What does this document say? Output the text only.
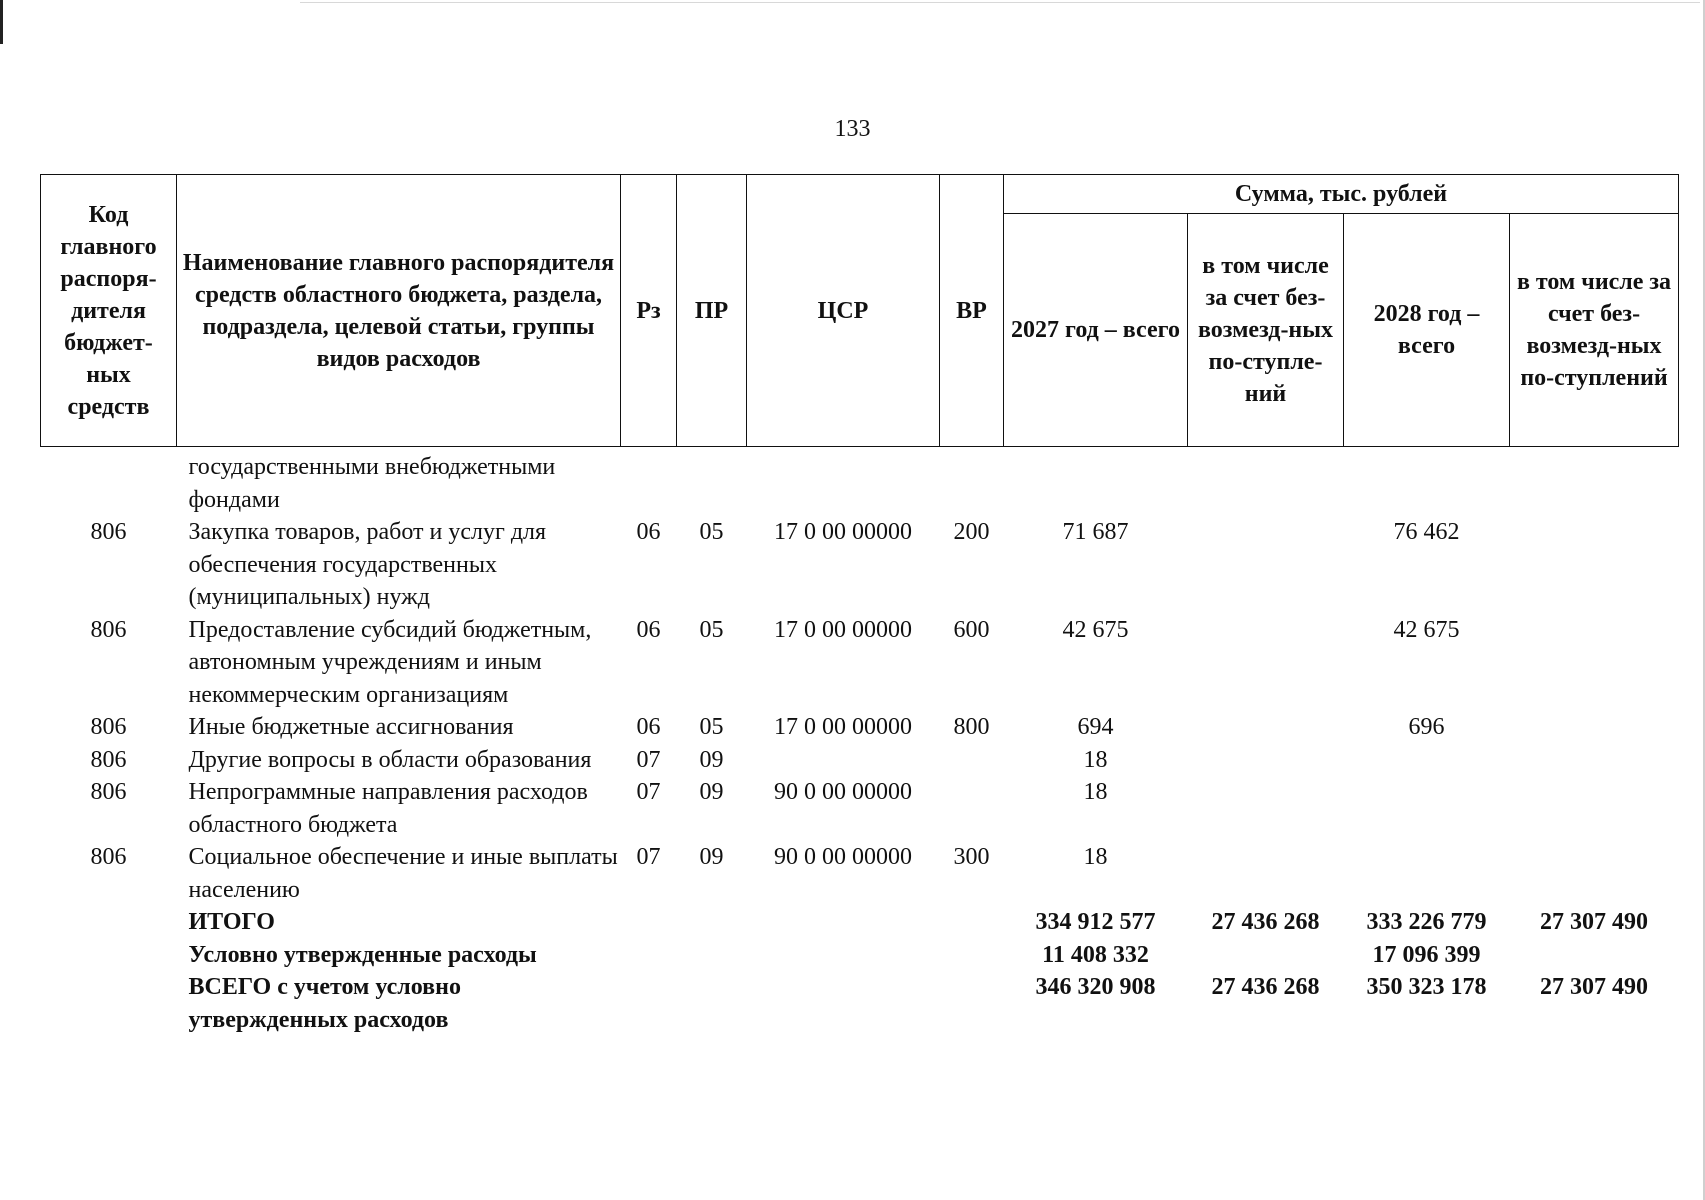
133
Код главного распоря-дителя бюджет-ных средств	Наименование главного распорядителя средств областного бюджета, раздела, подраздела, целевой статьи, группы видов расходов	Рз	ПР	ЦСР	ВР	Сумма, тыс. рублей			
						2027 год – всего	в том числе за счет без-возмезд-ных по-ступле-ний	2028 год – всего	в том числе за счет без-возмезд-ных по-ступлений
	государственными внебюджетными фондами								
806	Закупка товаров, работ и услуг для обеспечения государственных (муниципальных) нужд	06	05	17 0 00 00000	200	71 687		76 462	
806	Предоставление субсидий бюджетным, автономным учреждениям и иным некоммерческим организациям	06	05	17 0 00 00000	600	42 675		42 675	
806	Иные бюджетные ассигнования	06	05	17 0 00 00000	800	694		696	
806	Другие вопросы в области образования	07	09			18			
806	Непрограммные направления расходов областного бюджета	07	09	90 0 00 00000		18			
806	Социальное обеспечение и иные выплаты населению	07	09	90 0 00 00000	300	18			
	ИТОГО					334 912 577	27 436 268	333 226 779	27 307 490
	Условно утвержденные расходы					11 408 332		17 096 399	
	ВСЕГО с учетом условно утвержденных расходов					346 320 908	27 436 268	350 323 178	27 307 490
